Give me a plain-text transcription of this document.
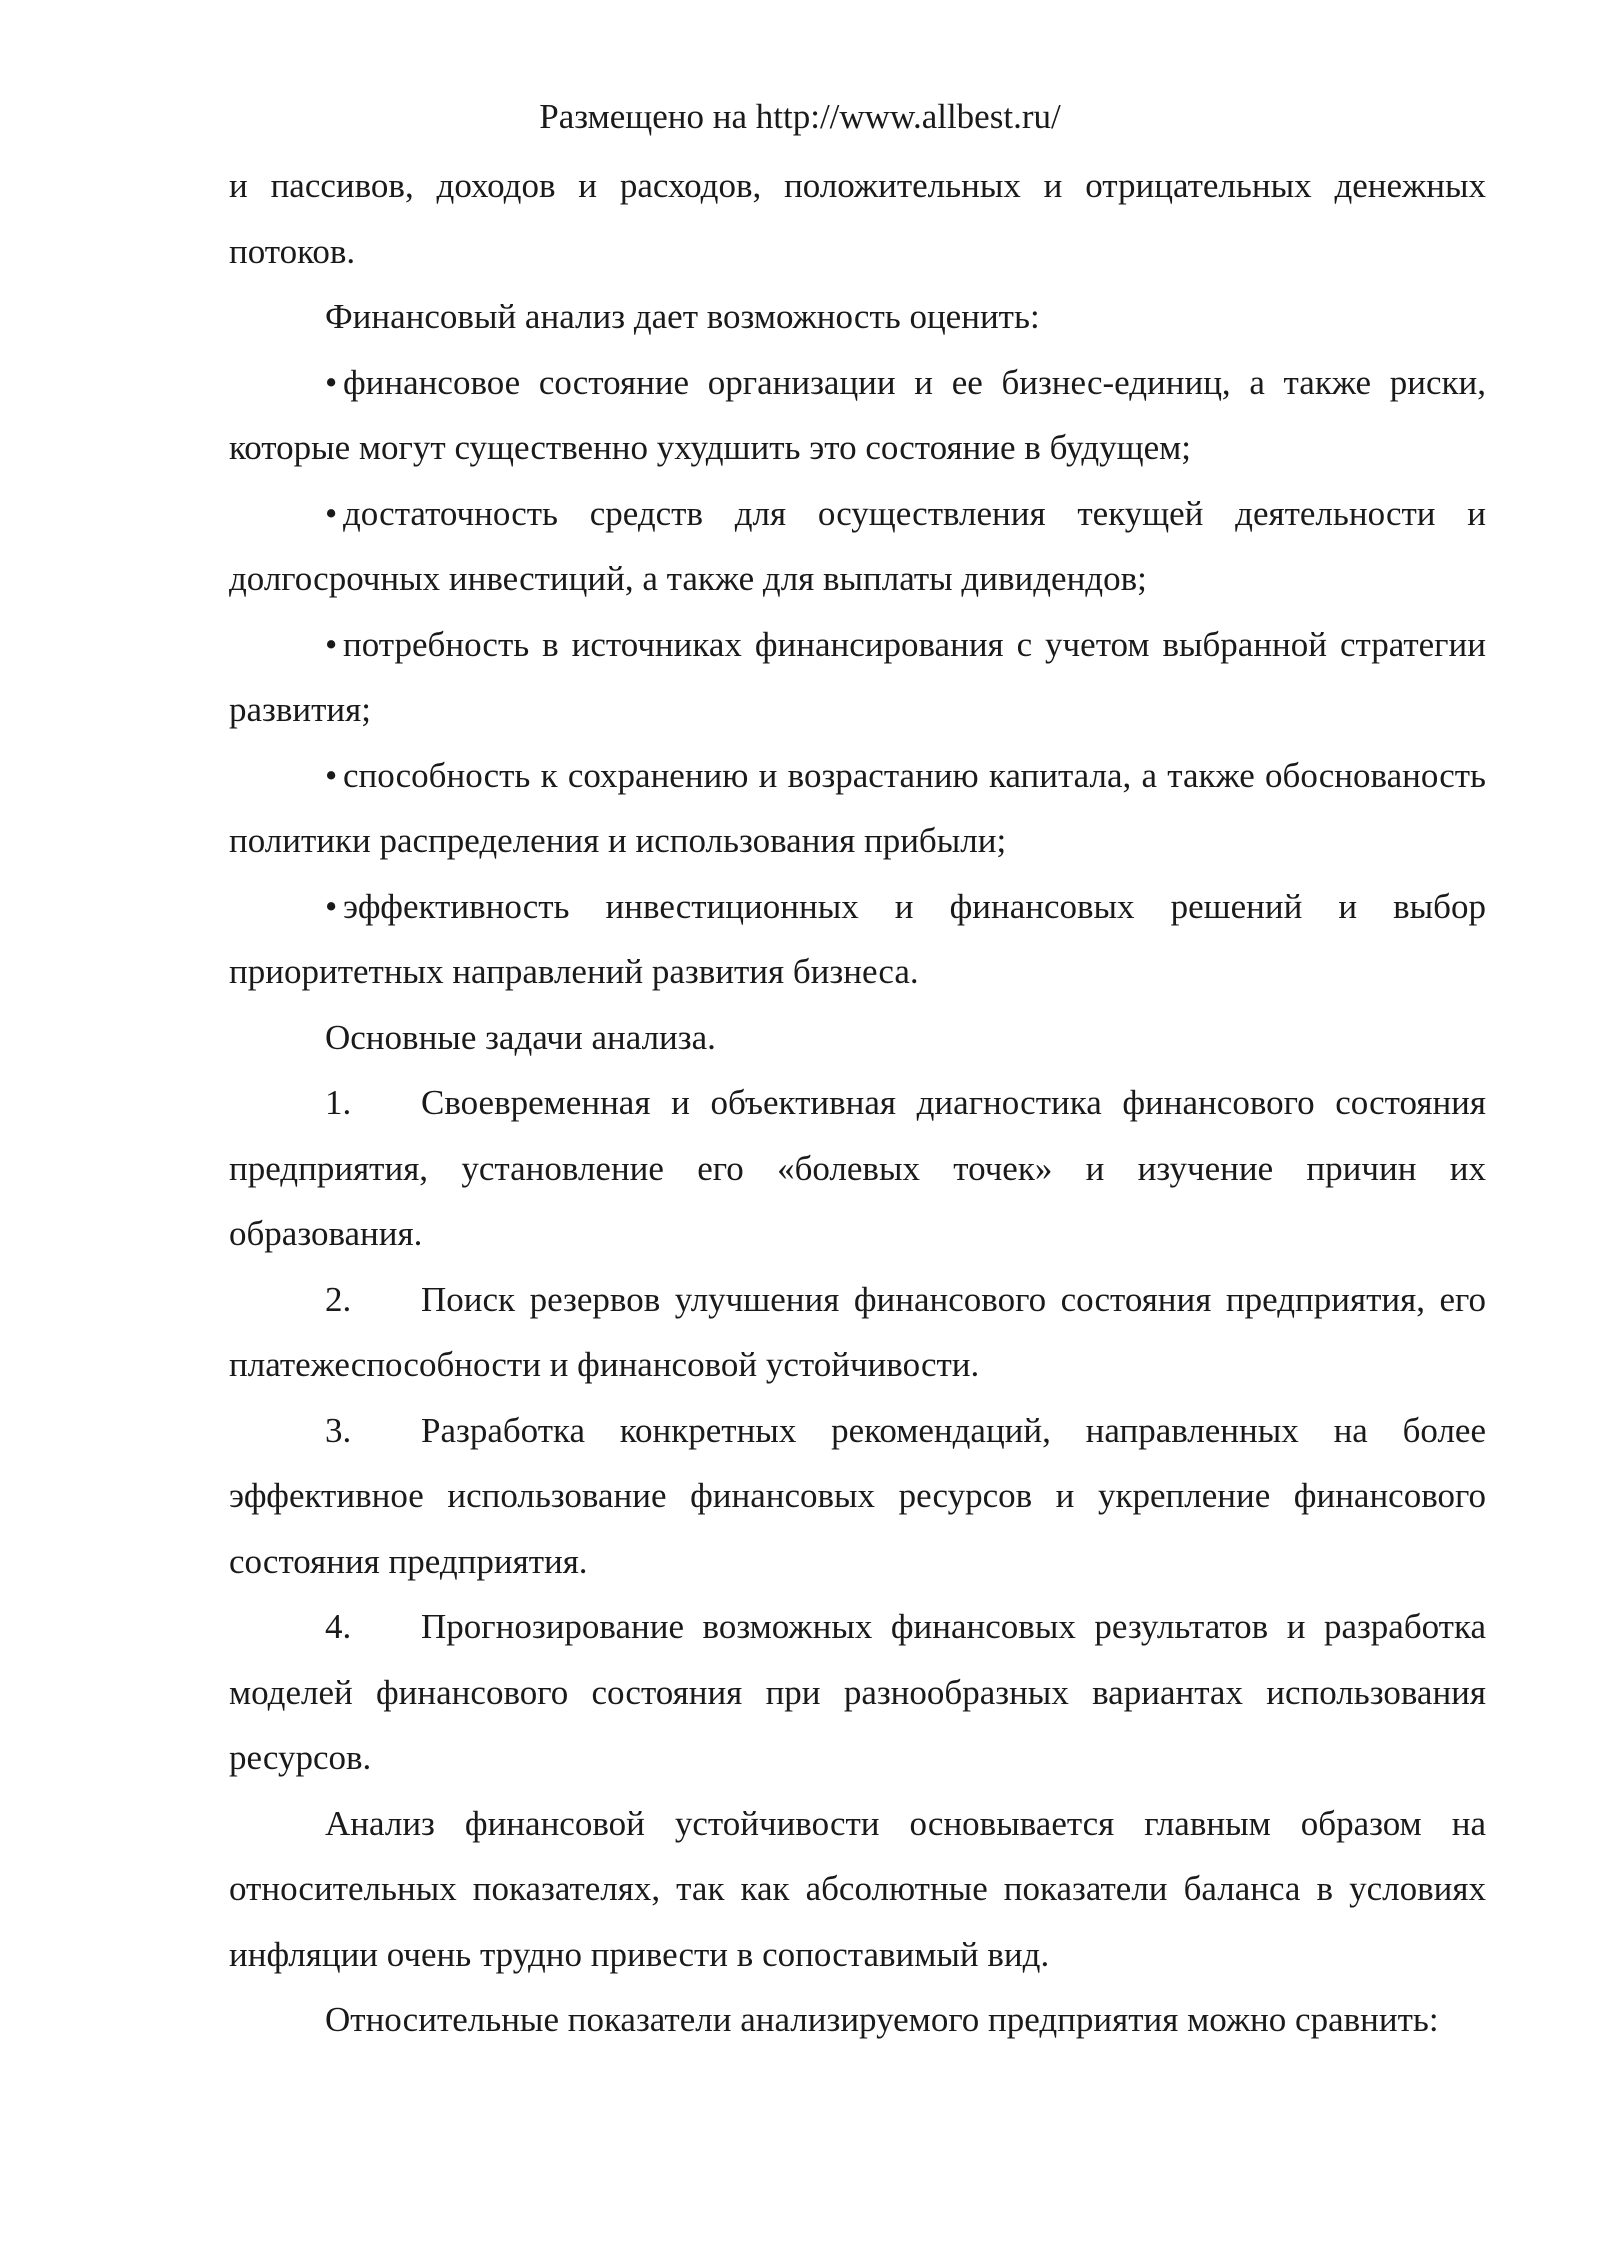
Размещено на http://www.allbest.ru/

и пассивов, доходов и расходов, положительных и отрицательных денежных потоков.

Финансовый анализ дает возможность оценить:

• финансовое состояние организации и ее бизнес-единиц, а также риски, которые могут существенно ухудшить это состояние в будущем;

• достаточность средств для осуществления текущей деятельности и долгосрочных инвестиций, а также для выплаты дивидендов;

• потребность в источниках финансирования с учетом выбранной стратегии развития;

• способность к сохранению и возрастанию капитала, а также обоснованость политики распределения и использования прибыли;

• эффективность инвестиционных и финансовых решений и выбор приоритетных направлений развития бизнеса.

Основные задачи анализа.

1. Своевременная и объективная диагностика финансового состояния предприятия, установление его «болевых точек» и изучение причин их образования.

2. Поиск резервов улучшения финансового состояния предприятия, его платежеспособности и финансовой устойчивости.

3. Разработка конкретных рекомендаций, направленных на более эффективное использование финансовых ресурсов и укрепление финансового состояния предприятия.

4. Прогнозирование возможных финансовых результатов и разработка моделей финансового состояния при разнообразных вариантах использования ресурсов.

Анализ финансовой устойчивости основывается главным образом на относительных показателях, так как абсолютные показатели баланса в условиях инфляции очень трудно привести в сопоставимый вид.

Относительные показатели анализируемого предприятия можно сравнить:
